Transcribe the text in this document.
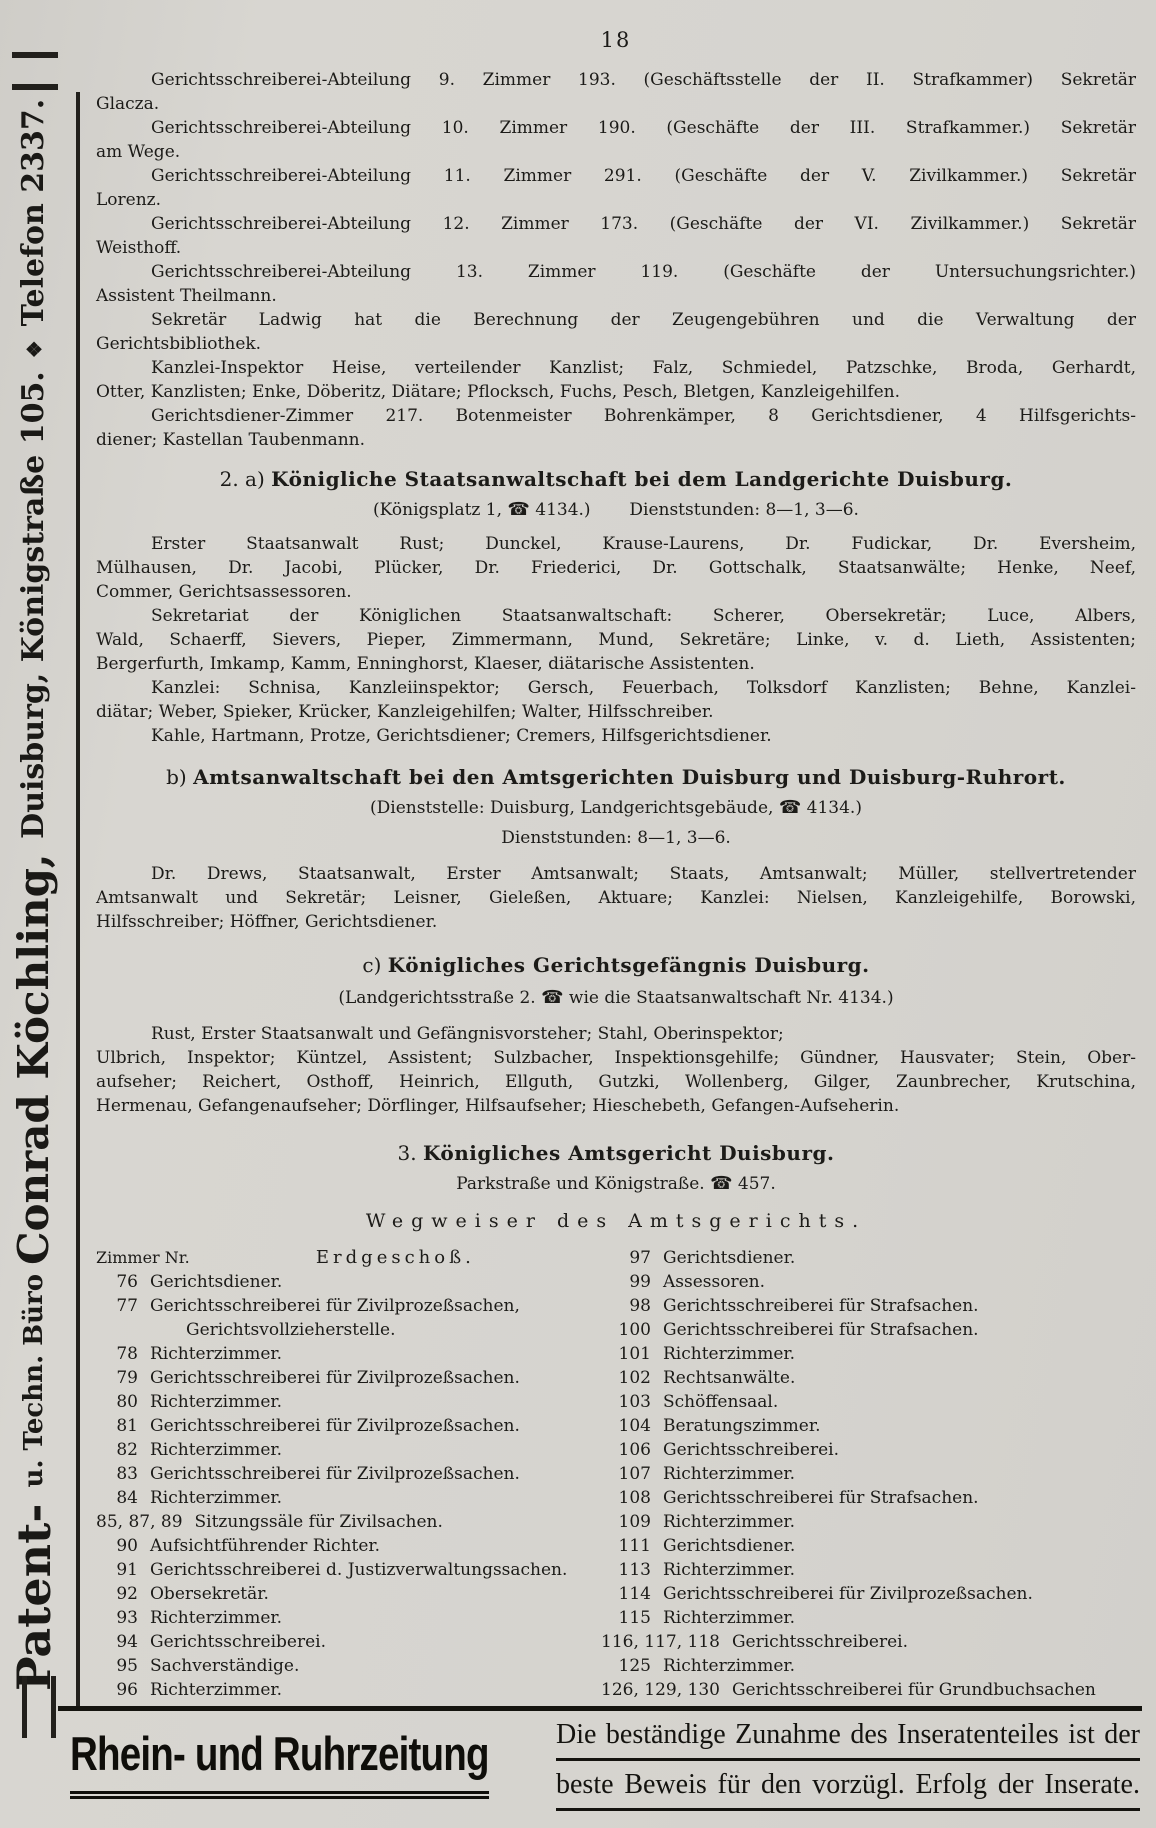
Patent- u. Techn. Büro Conrad Köchling, Duisburg, Königstraße 105. ❖ Telefon 2337.
18
Gerichtsschreiberei-Abteilung 9. Zimmer 193. (Geschäftsstelle der II. Strafkammer) Sekretär
Glacza.
Gerichtsschreiberei-Abteilung 10. Zimmer 190. (Geschäfte der III. Strafkammer.) Sekretär
am Wege.
Gerichtsschreiberei-Abteilung 11. Zimmer 291. (Geschäfte der V. Zivilkammer.) Sekretär
Lorenz.
Gerichtsschreiberei-Abteilung 12. Zimmer 173. (Geschäfte der VI. Zivilkammer.) Sekretär
Weisthoff.
Gerichtsschreiberei-Abteilung 13. Zimmer 119. (Geschäfte der Untersuchungsrichter.)
Assistent Theilmann.
Sekretär Ladwig hat die Berechnung der Zeugengebühren und die Verwaltung der
Gerichtsbibliothek.
Kanzlei-Inspektor Heise, verteilender Kanzlist; Falz, Schmiedel, Patzschke, Broda, Gerhardt,
Otter, Kanzlisten; Enke, Döberitz, Diätare; Pflocksch, Fuchs, Pesch, Bletgen, Kanzleigehilfen.
Gerichtsdiener-Zimmer 217. Botenmeister Bohrenkämper, 8 Gerichtsdiener, 4 Hilfsgerichts-
diener; Kastellan Taubenmann.
2. a) Königliche Staatsanwaltschaft bei dem Landgerichte Duisburg.
(Königsplatz 1, ☎ 4134.) Dienststunden: 8—1, 3—6.
Erster Staatsanwalt Rust; Dunckel, Krause-Laurens, Dr. Fudickar, Dr. Eversheim,
Mülhausen, Dr. Jacobi, Plücker, Dr. Friederici, Dr. Gottschalk, Staatsanwälte; Henke, Neef,
Commer, Gerichtsassessoren.
Sekretariat der Königlichen Staatsanwaltschaft: Scherer, Obersekretär; Luce, Albers,
Wald, Schaerff, Sievers, Pieper, Zimmermann, Mund, Sekretäre; Linke, v. d. Lieth, Assistenten;
Bergerfurth, Imkamp, Kamm, Enninghorst, Klaeser, diätarische Assistenten.
Kanzlei: Schnisa, Kanzleiinspektor; Gersch, Feuerbach, Tolksdorf Kanzlisten; Behne, Kanzlei-
diätar; Weber, Spieker, Krücker, Kanzleigehilfen; Walter, Hilfsschreiber.
Kahle, Hartmann, Protze, Gerichtsdiener; Cremers, Hilfsgerichtsdiener.
b) Amtsanwaltschaft bei den Amtsgerichten Duisburg und Duisburg-Ruhrort.
(Dienststelle: Duisburg, Landgerichtsgebäude, ☎ 4134.)
Dienststunden: 8—1, 3—6.
Dr. Drews, Staatsanwalt, Erster Amtsanwalt; Staats, Amtsanwalt; Müller, stellvertretender
Amtsanwalt und Sekretär; Leisner, Gieleßen, Aktuare; Kanzlei: Nielsen, Kanzleigehilfe, Borowski,
Hilfsschreiber; Höffner, Gerichtsdiener.
c) Königliches Gerichtsgefängnis Duisburg.
(Landgerichtsstraße 2. ☎ wie die Staatsanwaltschaft Nr. 4134.)
Rust, Erster Staatsanwalt und Gefängnisvorsteher; Stahl, Oberinspektor;
Ulbrich, Inspektor; Küntzel, Assistent; Sulzbacher, Inspektionsgehilfe; Gündner, Hausvater; Stein, Ober-
aufseher; Reichert, Osthoff, Heinrich, Ellguth, Gutzki, Wollenberg, Gilger, Zaunbrecher, Krutschina,
Hermenau, Gefangenaufseher; Dörflinger, Hilfsaufseher; Hieschebeth, Gefangen-Aufseherin.
3. Königliches Amtsgericht Duisburg.
Parkstraße und Königstraße. ☎ 457.
Wegweiser des Amtsgerichts.
Zimmer Nr.	Erdgeschoß.
76 Gerichtsdiener.
77 Gerichtsschreiberei für Zivilprozeßsachen,
Gerichtsvollzieherstelle.
78 Richterzimmer.
79 Gerichtsschreiberei für Zivilprozeßsachen.
80 Richterzimmer.
81 Gerichtsschreiberei für Zivilprozeßsachen.
82 Richterzimmer.
83 Gerichtsschreiberei für Zivilprozeßsachen.
84 Richterzimmer.
85, 87, 89 Sitzungssäle für Zivilsachen.
90 Aufsichtführender Richter.
91 Gerichtsschreiberei d. Justizverwaltungssachen.
92 Obersekretär.
93 Richterzimmer.
94 Gerichtsschreiberei.
95 Sachverständige.
96 Richterzimmer.
97 Gerichtsdiener.
99 Assessoren.
98 Gerichtsschreiberei für Strafsachen.
100 Gerichtsschreiberei für Strafsachen.
101 Richterzimmer.
102 Rechtsanwälte.
103 Schöffensaal.
104 Beratungszimmer.
106 Gerichtsschreiberei.
107 Richterzimmer.
108 Gerichtsschreiberei für Strafsachen.
109 Richterzimmer.
111 Gerichtsdiener.
113 Richterzimmer.
114 Gerichtsschreiberei für Zivilprozeßsachen.
115 Richterzimmer.
116, 117, 118 Gerichtsschreiberei.
125 Richterzimmer.
126, 129, 130 Gerichtsschreiberei für Grundbuchsachen
Rhein- und Ruhrzeitung	Die beständige Zunahme des Inseratenteiles ist der
beste Beweis für den vorzügl. Erfolg der Inserate.
